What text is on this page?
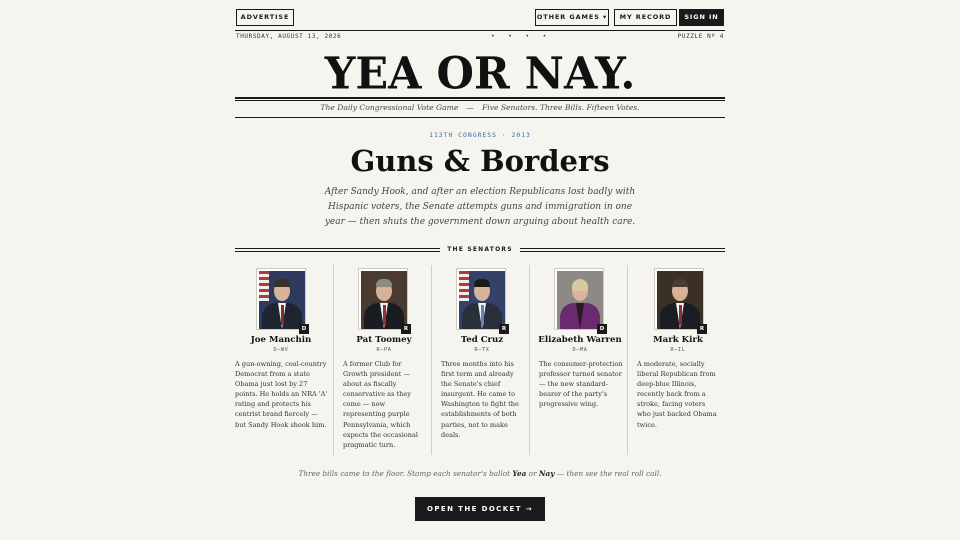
ADVERTISE	OTHER GAMES ▾	MY RECORD	SIGN IN
THURSDAY, AUGUST 13, 2026	• • • •	PUZZLE Nº 4
YEA OR NAY.
The Daily Congressional Vote Game — Five Senators. Three Bills. Fifteen Votes.
113TH CONGRESS · 2013
Guns & Borders
After Sandy Hook, and after an election Republicans lost badly with Hispanic voters, the Senate attempts guns and immigration in one year — then shuts the government down arguing about health care.
THE SENATORS
D
Joe Manchin
D–WV
A gun-owning, coal-country Democrat from a state Obama just lost by 27 points. He holds an NRA 'A' rating and protects his centrist brand fiercely — but Sandy Hook shook him.
R
Pat Toomey
R–PA
A former Club for Growth president — about as fiscally conservative as they come — now representing purple Pennsylvania, which expects the occasional pragmatic turn.
R
Ted Cruz
R–TX
Three months into his first term and already the Senate's chief insurgent. He came to Washington to fight the establishments of both parties, not to make deals.
D
Elizabeth Warren
D–MA
The consumer-protection professor turned senator — the new standard-bearer of the party's progressive wing.
R
Mark Kirk
R–IL
A moderate, socially liberal Republican from deep-blue Illinois, recently back from a stroke, facing voters who just backed Obama twice.
Three bills came to the floor. Stamp each senator's ballot Yea or Nay — then see the real roll call.
OPEN THE DOCKET →
